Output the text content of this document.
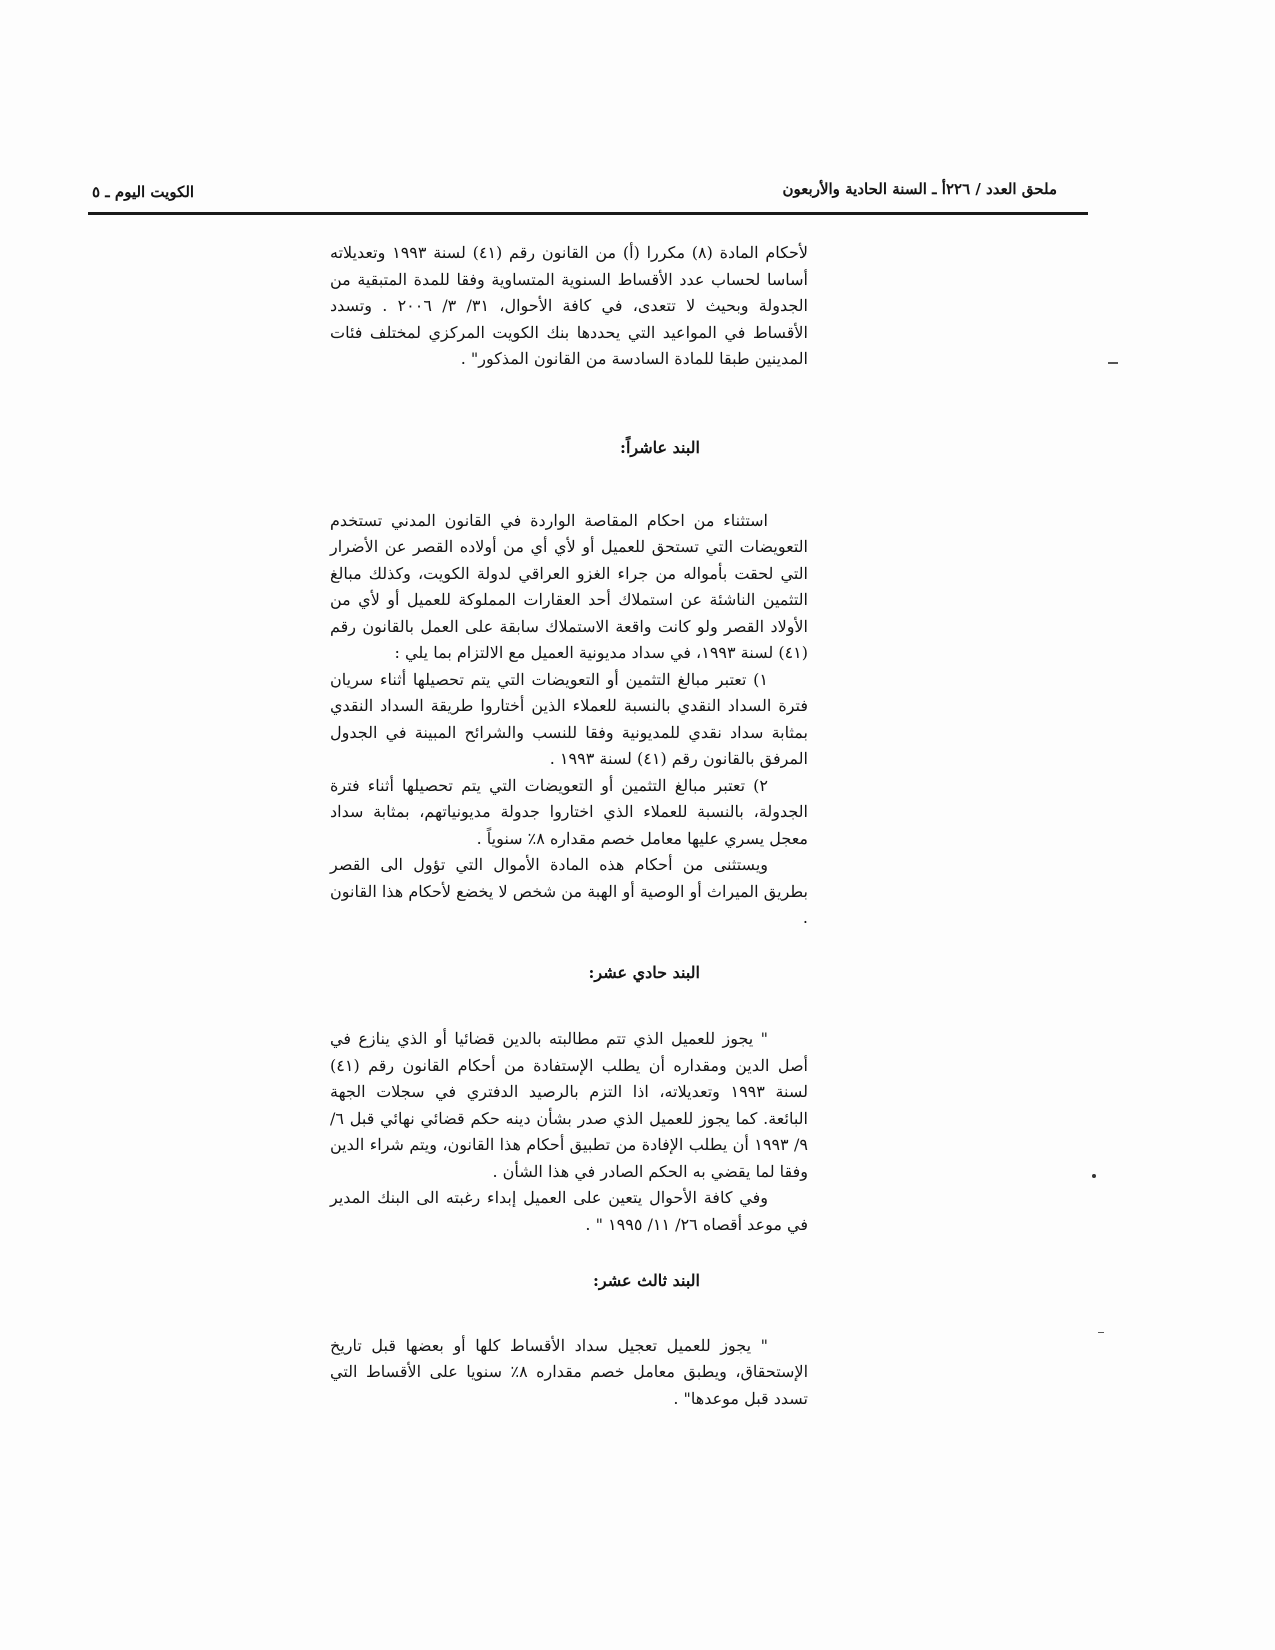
ملحق العدد / ٢٢٦أ ـ السنة الحادية والأربعون
الكويت اليوم ـ ٥

لأحكام المادة (٨) مكررا (أ) من القانون رقم (٤١) لسنة ١٩٩٣ وتعديلاته أساسا لحساب عدد الأقساط السنوية المتساوية وفقا للمدة المتبقية من الجدولة وبحيث لا تتعدى، في كافة الأحوال، ٣١/ ٣/ ٢٠٠٦ . وتسدد الأقساط في المواعيد التي يحددها بنك الكويت المركزي لمختلف فئات المدينين طبقا للمادة السادسة من القانون المذكور" .

البند عاشراً:

استثناء من احكام المقاصة الواردة في القانون المدني تستخدم التعويضات التي تستحق للعميل أو لأي أي من أولاده القصر عن الأضرار التي لحقت بأمواله من جراء الغزو العراقي لدولة الكويت، وكذلك مبالغ التثمين الناشئة عن استملاك أحد العقارات المملوكة للعميل أو لأي من الأولاد القصر ولو كانت واقعة الاستملاك سابقة على العمل بالقانون رقم (٤١) لسنة ١٩٩٣، في سداد مديونية العميل مع الالتزام بما يلي :

١) تعتبر مبالغ التثمين أو التعويضات التي يتم تحصيلها أثناء سريان فترة السداد النقدي بالنسبة للعملاء الذين أختاروا طريقة السداد النقدي بمثابة سداد نقدي للمديونية وفقا للنسب والشرائح المبينة في الجدول المرفق بالقانون رقم (٤١) لسنة ١٩٩٣ .

٢) تعتبر مبالغ التثمين أو التعويضات التي يتم تحصيلها أثناء فترة الجدولة، بالنسبة للعملاء الذي اختاروا جدولة مديونياتهم، بمثابة سداد معجل يسري عليها معامل خصم مقداره ٨٪ سنوياً .

ويستثنى من أحكام هذه المادة الأموال التي تؤول الى القصر بطريق الميراث أو الوصية أو الهبة من شخص لا يخضع لأحكام هذا القانون .

البند حادي عشر:

" يجوز للعميل الذي تتم مطالبته بالدين قضائيا أو الذي ينازع في أصل الدين ومقداره أن يطلب الإستفادة من أحكام القانون رقم (٤١) لسنة ١٩٩٣ وتعديلاته، اذا التزم بالرصيد الدفتري في سجلات الجهة البائعة. كما يجوز للعميل الذي صدر بشأن دينه حكم قضائي نهائي قبل ٦/ ٩/ ١٩٩٣ أن يطلب الإفادة من تطبيق أحكام هذا القانون، ويتم شراء الدين وفقا لما يقضي به الحكم الصادر في هذا الشأن .

وفي كافة الأحوال يتعين على العميل إبداء رغبته الى البنك المدير في موعد أقصاه ٢٦/ ١١/ ١٩٩٥ " .

البند ثالث عشر:

" يجوز للعميل تعجيل سداد الأقساط كلها أو بعضها قبل تاريخ الإستحقاق، ويطبق معامل خصم مقداره ٨٪ سنويا على الأقساط التي تسدد قبل موعدها" .
